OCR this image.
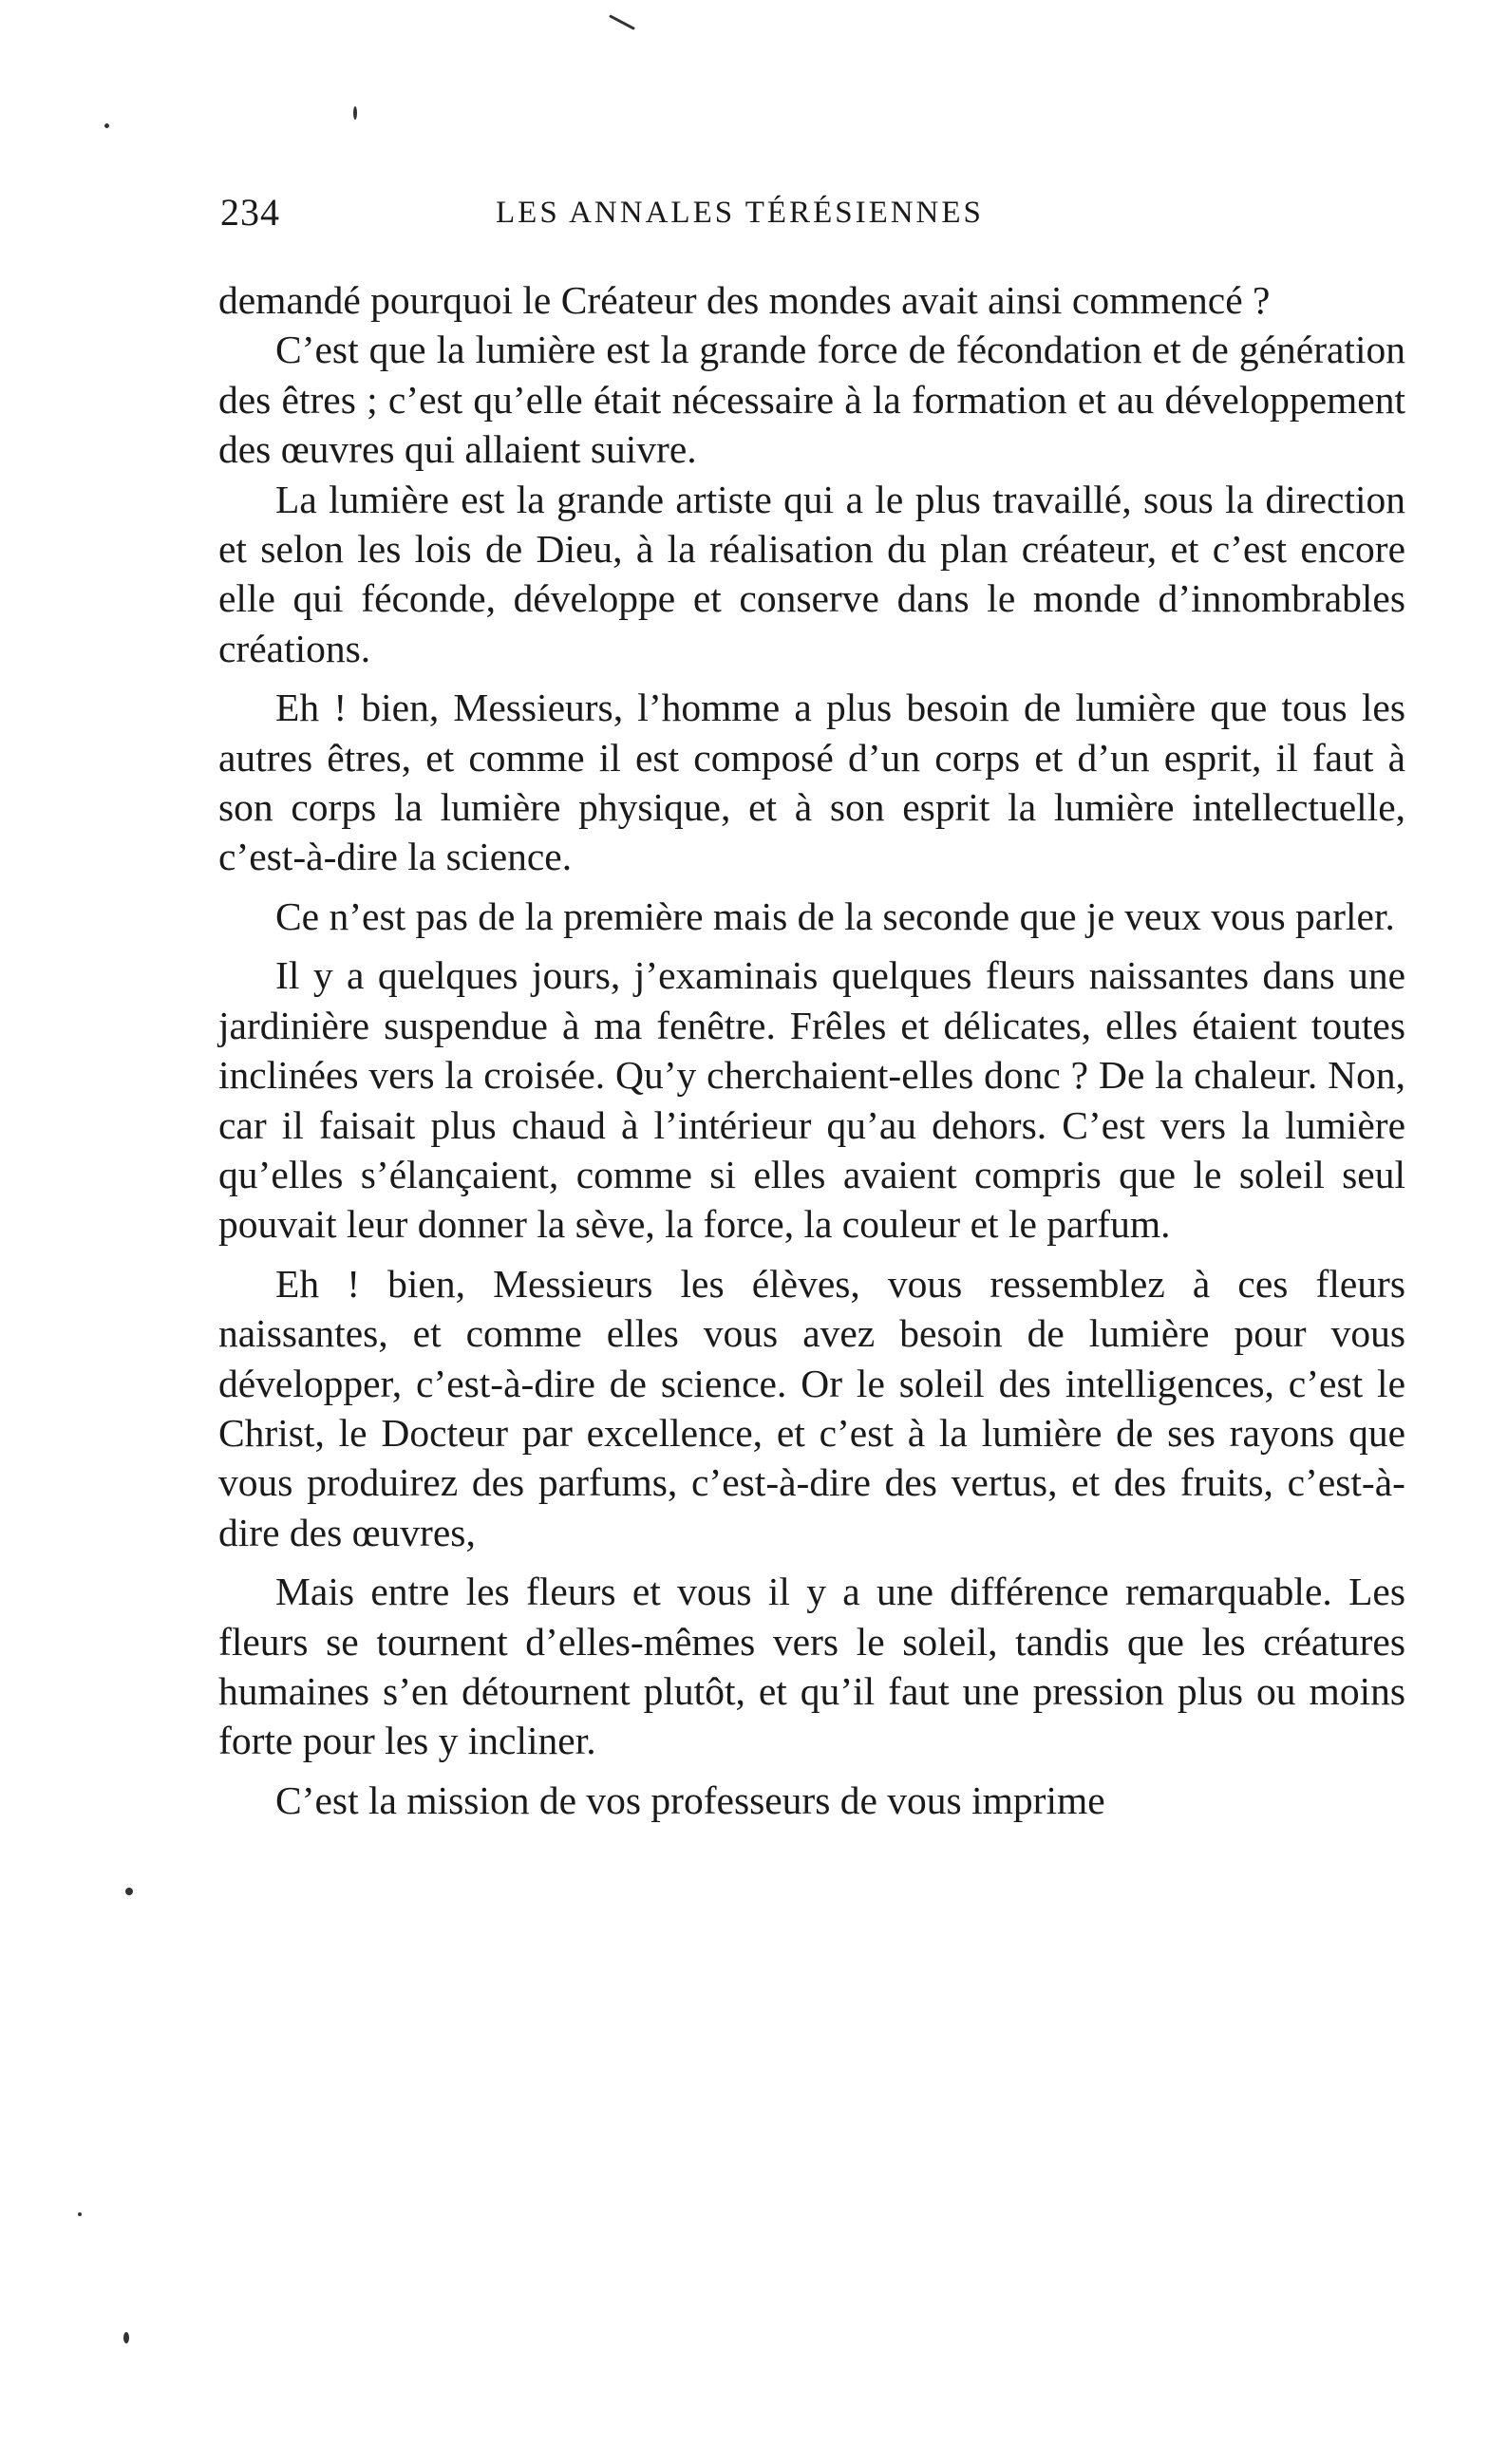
234	LES ANNALES TÉRÉSIENNES

demandé pourquoi le Créateur des mondes avait ainsi commencé ?

C’est que la lumière est la grande force de fécondation et de génération des êtres ; c’est qu’elle était nécessaire à la formation et au développement des œuvres qui allaient suivre.

La lumière est la grande artiste qui a le plus travaillé, sous la direction et selon les lois de Dieu, à la réalisation du plan créateur, et c’est encore elle qui féconde, développe et conserve dans le monde d’innombrables créations.

Eh ! bien, Messieurs, l’homme a plus besoin de lumière que tous les autres êtres, et comme il est composé d’un corps et d’un esprit, il faut à son corps la lumière physique, et à son esprit la lumière intellectuelle, c’est-à-dire la science.

Ce n’est pas de la première mais de la seconde que je veux vous parler.

Il y a quelques jours, j’examinais quelques fleurs naissantes dans une jardinière suspendue à ma fenêtre. Frêles et délicates, elles étaient toutes inclinées vers la croisée. Qu’y cherchaient-elles donc ? De la chaleur. Non, car il faisait plus chaud à l’intérieur qu’au dehors. C’est vers la lumière qu’elles s’élançaient, comme si elles avaient compris que le soleil seul pouvait leur donner la sève, la force, la couleur et le parfum.

Eh ! bien, Messieurs les élèves, vous ressemblez à ces fleurs naissantes, et comme elles vous avez besoin de lumière pour vous développer, c’est-à-dire de science. Or le soleil des intelligences, c’est le Christ, le Docteur par excellence, et c’est à la lumière de ses rayons que vous produirez des parfums, c’est-à-dire des vertus, et des fruits, c’est-à-dire des œuvres,

Mais entre les fleurs et vous il y a une différence remarquable. Les fleurs se tournent d’elles-mêmes vers le soleil, tandis que les créatures humaines s’en détournent plutôt, et qu’il faut une pression plus ou moins forte pour les y incliner.

C’est la mission de vos professeurs de vous imprime
